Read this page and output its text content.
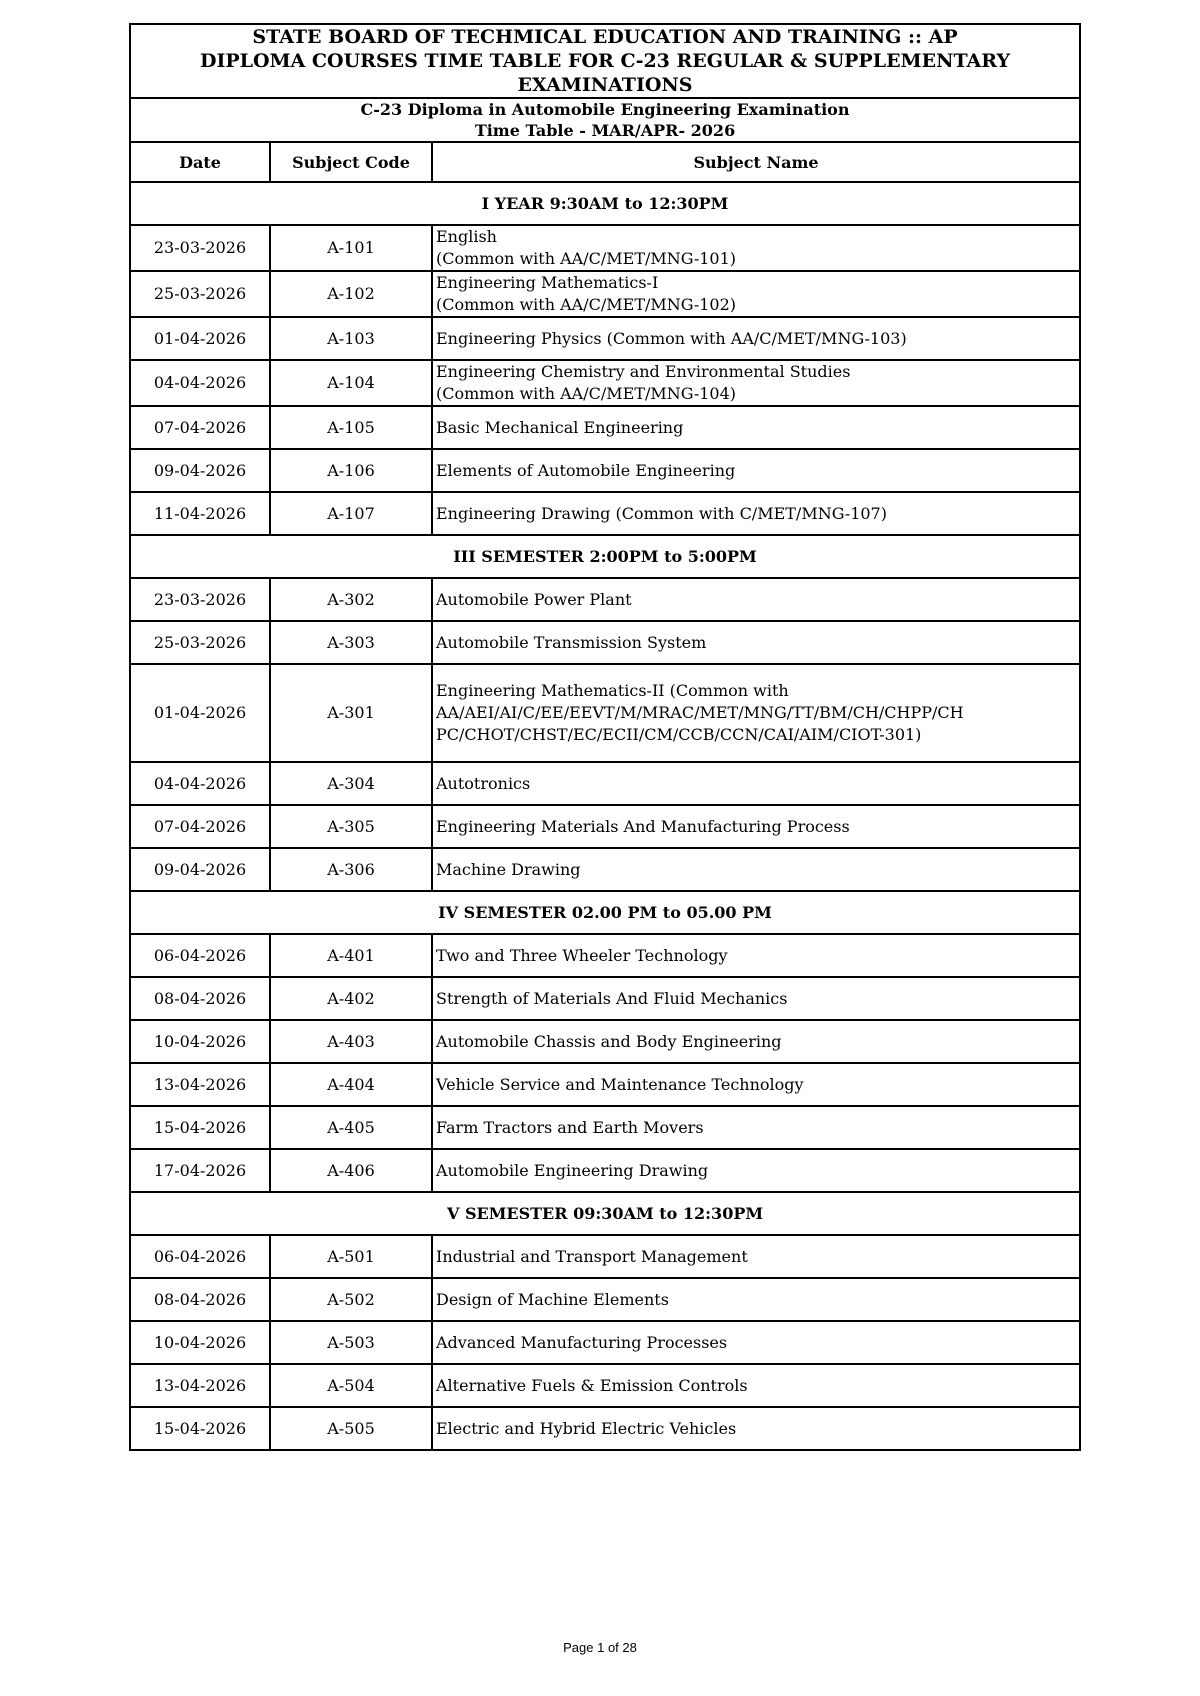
STATE BOARD OF TECHMICAL EDUCATION AND TRAINING :: AP
DIPLOMA COURSES TIME TABLE FOR C-23 REGULAR & SUPPLEMENTARY EXAMINATIONS		

C-23 Diploma in Automobile Engineering Examination
Time Table - MAR/APR- 2026		

Date	Subject Code	Subject Name
I YEAR 9:30AM to 12:30PM		
23-03-2026	A-101	English
(Common with AA/C/MET/MNG-101)

25-03-2026	A-102	Engineering Mathematics-I
(Common with AA/C/MET/MNG-102)

01-04-2026	A-103	Engineering Physics (Common with AA/C/MET/MNG-103)

04-04-2026	A-104	Engineering Chemistry and Environmental Studies
(Common with AA/C/MET/MNG-104)

07-04-2026	A-105	Basic Mechanical Engineering

09-04-2026	A-106	Elements of Automobile Engineering

11-04-2026	A-107	Engineering Drawing (Common with C/MET/MNG-107)

III SEMESTER 2:00PM to 5:00PM		
23-03-2026	A-302	Automobile Power Plant

25-03-2026	A-303	Automobile Transmission System

01-04-2026	A-301	Engineering Mathematics-II (Common with
AA/AEI/AI/C/EE/EEVT/M/MRAC/MET/MNG/TT/BM/CH/CHPP/CH
PC/CHOT/CHST/EC/ECII/CM/CCB/CCN/CAI/AIM/CIOT-301)

04-04-2026	A-304	Autotronics

07-04-2026	A-305	Engineering Materials And Manufacturing Process

09-04-2026	A-306	Machine Drawing

IV SEMESTER 02.00 PM to 05.00 PM		
06-04-2026	A-401	Two and Three Wheeler Technology

08-04-2026	A-402	Strength of Materials And Fluid Mechanics

10-04-2026	A-403	Automobile Chassis and Body Engineering

13-04-2026	A-404	Vehicle Service and Maintenance Technology

15-04-2026	A-405	Farm Tractors and Earth Movers

17-04-2026	A-406	Automobile Engineering Drawing

V SEMESTER 09:30AM to 12:30PM		
06-04-2026	A-501	Industrial and Transport Management

08-04-2026	A-502	Design of Machine Elements

10-04-2026	A-503	Advanced Manufacturing Processes

13-04-2026	A-504	Alternative Fuels & Emission Controls

15-04-2026	A-505	Electric and Hybrid Electric Vehicles
Page 1 of 28
